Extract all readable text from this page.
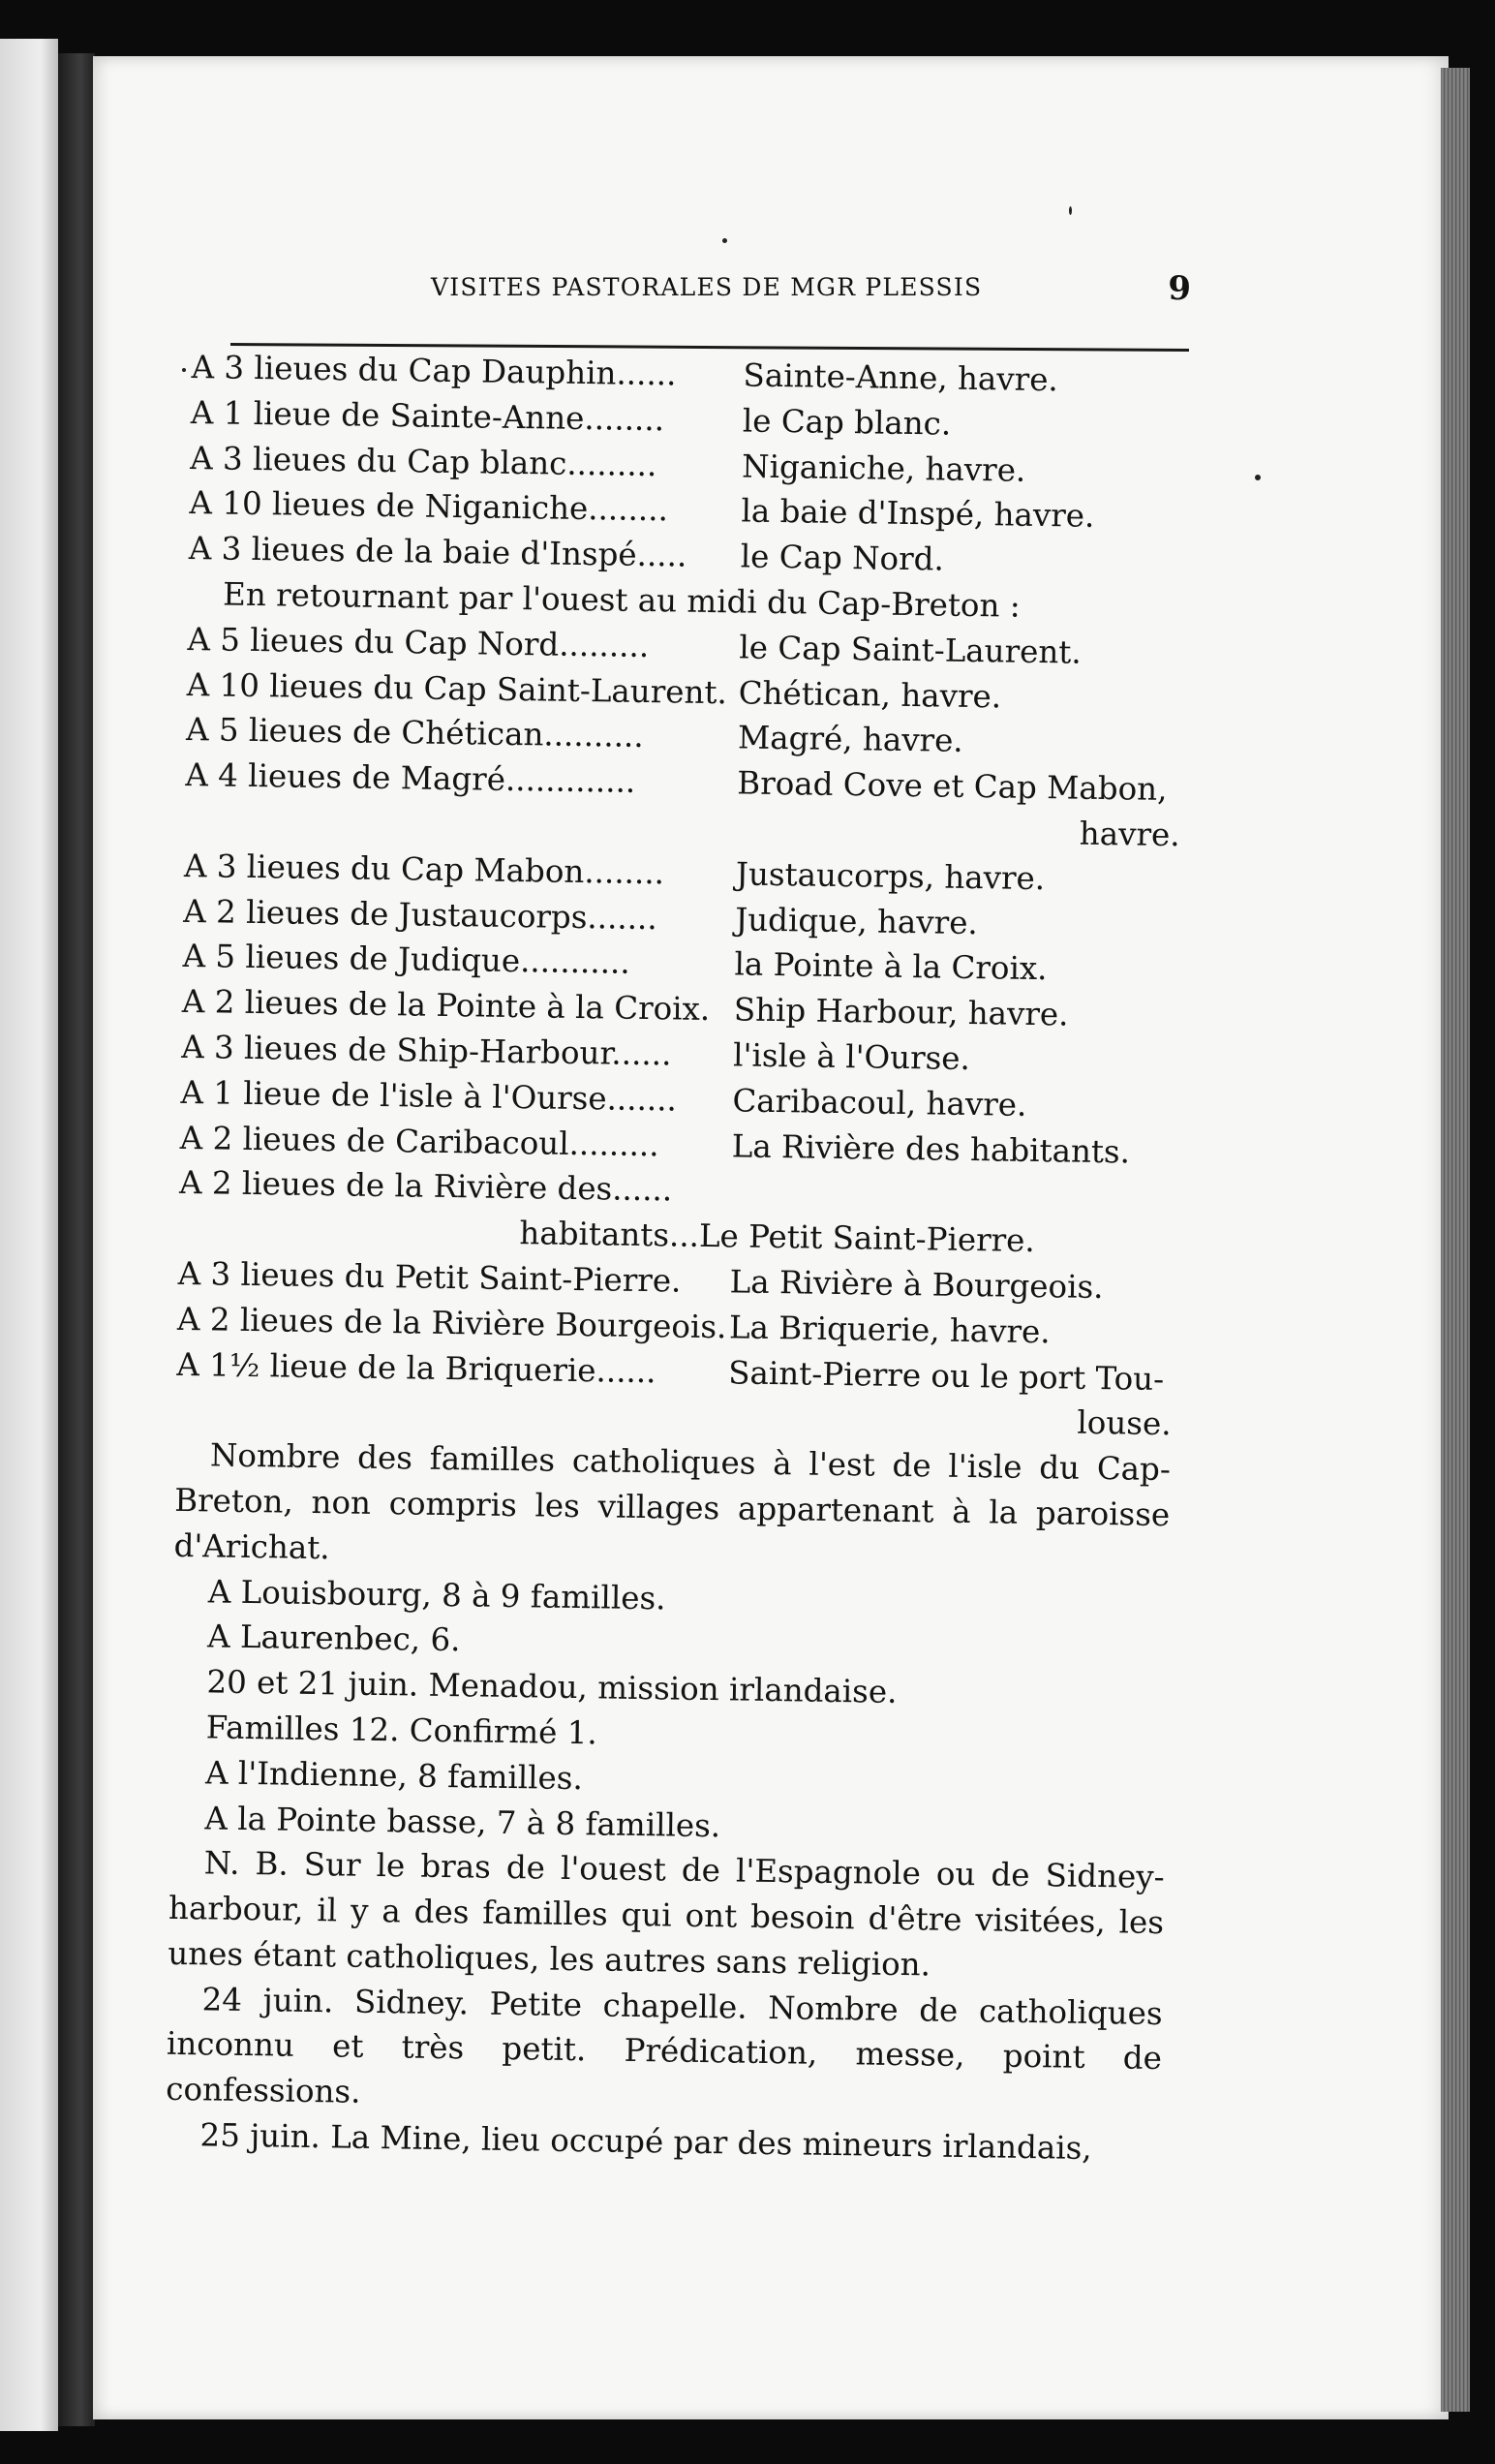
VISITES PASTORALES DE MGR PLESSIS	9
A 3 lieues du Cap Dauphin...... Sainte-Anne, havre.
A 1 lieue de Sainte-Anne........ le Cap blanc.
A 3 lieues du Cap blanc.........	Niganiche, havre.
A 10 lieues de Niganiche........ la baie d'Inspé, havre.
A 3 lieues de la baie d'Inspé..... le Cap Nord.
En retournant par l'ouest au midi du Cap-Breton :
A 5 lieues du Cap Nord.........	le Cap Saint-Laurent.
A 10 lieues du Cap Saint-Laurent. Chétican, havre.
A 5 lieues de Chétican..........	Magré, havre.
A 4 lieues de Magré.............	Broad Cove et Cap Mabon,
havre.
A 3 lieues du Cap Mabon........ Justaucorps, havre.
A 2 lieues de Justaucorps....... Judique, havre.
A 5 lieues de Judique...........	la Pointe à la Croix.
A 2 lieues de la Pointe à la Croix. Ship Harbour, havre.
A 3 lieues de Ship-Harbour...... l'isle à l'Ourse.
A 1 lieue de l'isle à l'Ourse....... Caribacoul, havre.
A 2 lieues de Caribacoul......... La Rivière des habitants.
A 2 lieues de la Rivière des......
habitants...Le Petit Saint-Pierre.
A 3 lieues du Petit Saint-Pierre. La Rivière à Bourgeois.
A 2 lieues de la Rivière Bourgeois. La Briquerie, havre.
A 1½ lieue de la Briquerie...... Saint-Pierre ou le port Tou-
louse.
Nombre des familles catholiques à l'est de l'isle du Cap-Breton, non compris les villages appartenant à la paroisse d'Arichat.
A Louisbourg, 8 à 9 familles.
A Laurenbec, 6.
20 et 21 juin. Menadou, mission irlandaise.
Familles 12. Confirmé 1.
A l'Indienne, 8 familles.
A la Pointe basse, 7 à 8 familles.
N. B. Sur le bras de l'ouest de l'Espagnole ou de Sidney-harbour, il y a des familles qui ont besoin d'être visitées, les unes étant catholiques, les autres sans religion.
24 juin. Sidney. Petite chapelle. Nombre de catholiques inconnu et très petit. Prédication, messe, point de confessions.
25 juin. La Mine, lieu occupé par des mineurs irlandais,
